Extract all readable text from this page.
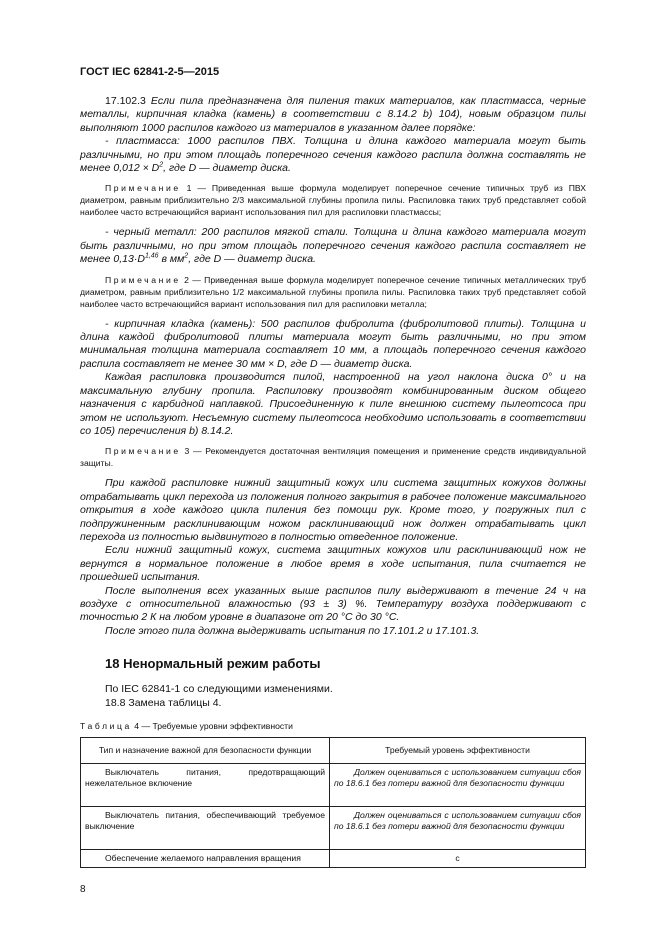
ГОСТ IEC 62841-2-5—2015

17.102.3 Если пила предназначена для пиления таких материалов, как пластмасса, черные металлы, кирпичная кладка (камень) в соответствии с 8.14.2 b) 104), новым образцом пилы выполняют 1000 распилов каждого из материалов в указанном далее порядке:

- пластмасса: 1000 распилов ПВХ. Толщина и длина каждого материала могут быть различными, но при этом площадь поперечного сечения каждого распила должна составлять не менее $0,012 \times D^2$, где D — диаметр диска.

Примечание 1 — Приведенная выше формула моделирует поперечное сечение типичных труб из ПВХ диаметром, равным приблизительно 2/3 максимальной глубины пропила пилы. Распиловка таких труб представляет собой наиболее часто встречающийся вариант использования пил для распиловки пластмассы;

- черный металл: 200 распилов мягкой стали. Толщина и длина каждого материала могут быть различными, но при этом площадь поперечного сечения каждого распила составляет не менее $0,13\cdot D^{1,46}$ в $мм^2$, где D — диаметр диска.

Примечание 2 — Приведенная выше формула моделирует поперечное сечение типичных металлических труб диаметром, равным приблизительно 1/2 максимальной глубины пропила пилы. Распиловка таких труб представляет собой наиболее часто встречающийся вариант использования пил для распиловки металла;

- кирпичная кладка (камень): 500 распилов фибролита (фибролитовой плиты). Толщина и длина каждой фибролитовой плиты материала могут быть различными, но при этом минимальная толщина материала составляет 10 мм, а площадь поперечного сечения каждого распила составляет не менее 30 мм × D, где D — диаметр диска.

Каждая распиловка производится пилой, настроенной на угол наклона диска 0° и на максимальную глубину пропила. Распиловку производят комбинированным диском общего назначения с карбидной наплавкой. Присоединенную к пиле внешнюю систему пылеотсоса при этом не используют. Несъемную систему пылеотсоса необходимо использовать в соответствии со 105) перечисления b) 8.14.2.

Примечание 3 — Рекомендуется достаточная вентиляция помещения и применение средств индивидуальной защиты.

При каждой распиловке нижний защитный кожух или система защитных кожухов должны отрабатывать цикл перехода из положения полного закрытия в рабочее положение максимального открытия в ходе каждого цикла пиления без помощи рук. Кроме того, у погружных пил с подпружиненным расклинивающим ножом расклинивающий нож должен отрабатывать цикл перехода из полностью выдвинутого в полностью отведенное положение.

Если нижний защитный кожух, система защитных кожухов или расклинивающий нож не вернутся в нормальное положение в любое время в ходе испытания, пила считается не прошедшей испытания.

После выполнения всех указанных выше распилов пилу выдерживают в течение 24 ч на воздухе с относительной влажностью (93 ± 3) %. Температуру воздуха поддерживают с точностью 2 К на любом уровне в диапазоне от 20 °С до 30 °С.

После этого пила должна выдерживать испытания по 17.101.2 и 17.101.3.

18 Ненормальный режим работы
По IEC 62841-1 со следующими изменениями.
18.8 Замена таблицы 4.
Таблица 4 — Требуемые уровни эффективности
Тип и назначение важной для безопасности функции	Требуемый уровень эффективности
Выключатель питания, предотвращающий нежелательное включение	Должен оцениваться с использованием ситуации сбоя по 18.6.1 без потери важной для безопасности функции
Выключатель питания, обеспечивающий требуемое выключение	Должен оцениваться с использованием ситуации сбоя по 18.6.1 без потери важной для безопасности функции
Обеспечение желаемого направления вращения	c
8
